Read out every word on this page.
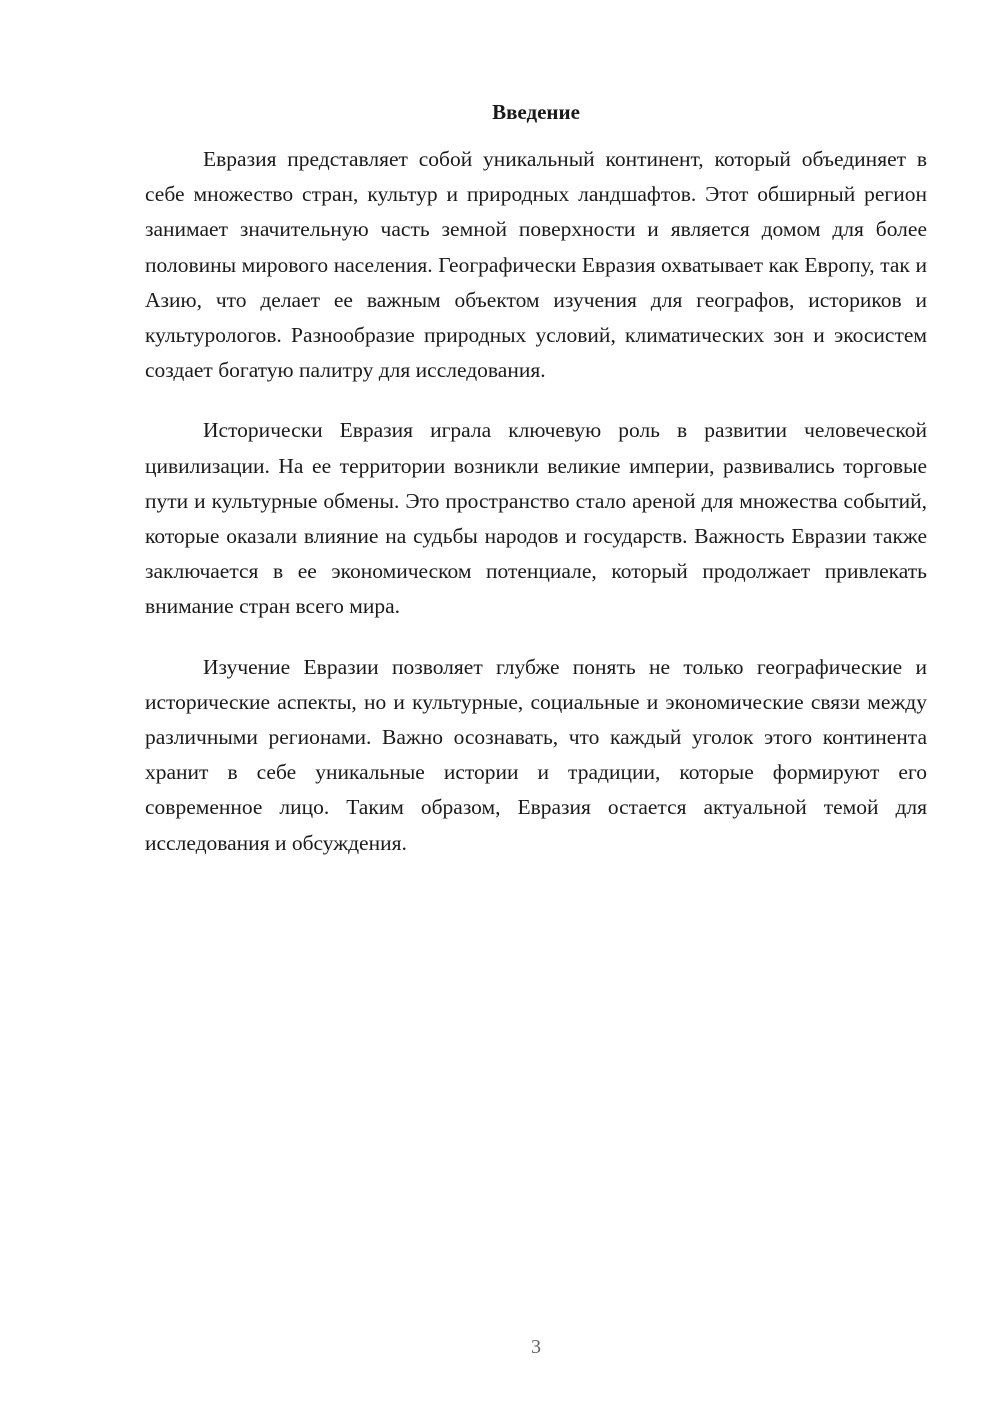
Введение

Евразия представляет собой уникальный континент, который объединяет в себе множество стран, культур и природных ландшафтов. Этот обширный регион занимает значительную часть земной поверхности и является домом для более половины мирового населения. Географически Евразия охватывает как Европу, так и Азию, что делает ее важным объектом изучения для географов, историков и культурологов. Разнообразие природных условий, климатических зон и экосистем создает богатую палитру для исследования.

Исторически Евразия играла ключевую роль в развитии человеческой цивилизации. На ее территории возникли великие империи, развивались торговые пути и культурные обмены. Это пространство стало ареной для множества событий, которые оказали влияние на судьбы народов и государств. Важность Евразии также заключается в ее экономическом потенциале, который продолжает привлекать внимание стран всего мира.

Изучение Евразии позволяет глубже понять не только географические и исторические аспекты, но и культурные, социальные и экономические связи между различными регионами. Важно осознавать, что каждый уголок этого континента хранит в себе уникальные истории и традиции, которые формируют его современное лицо. Таким образом, Евразия остается актуальной темой для исследования и обсуждения.

3
